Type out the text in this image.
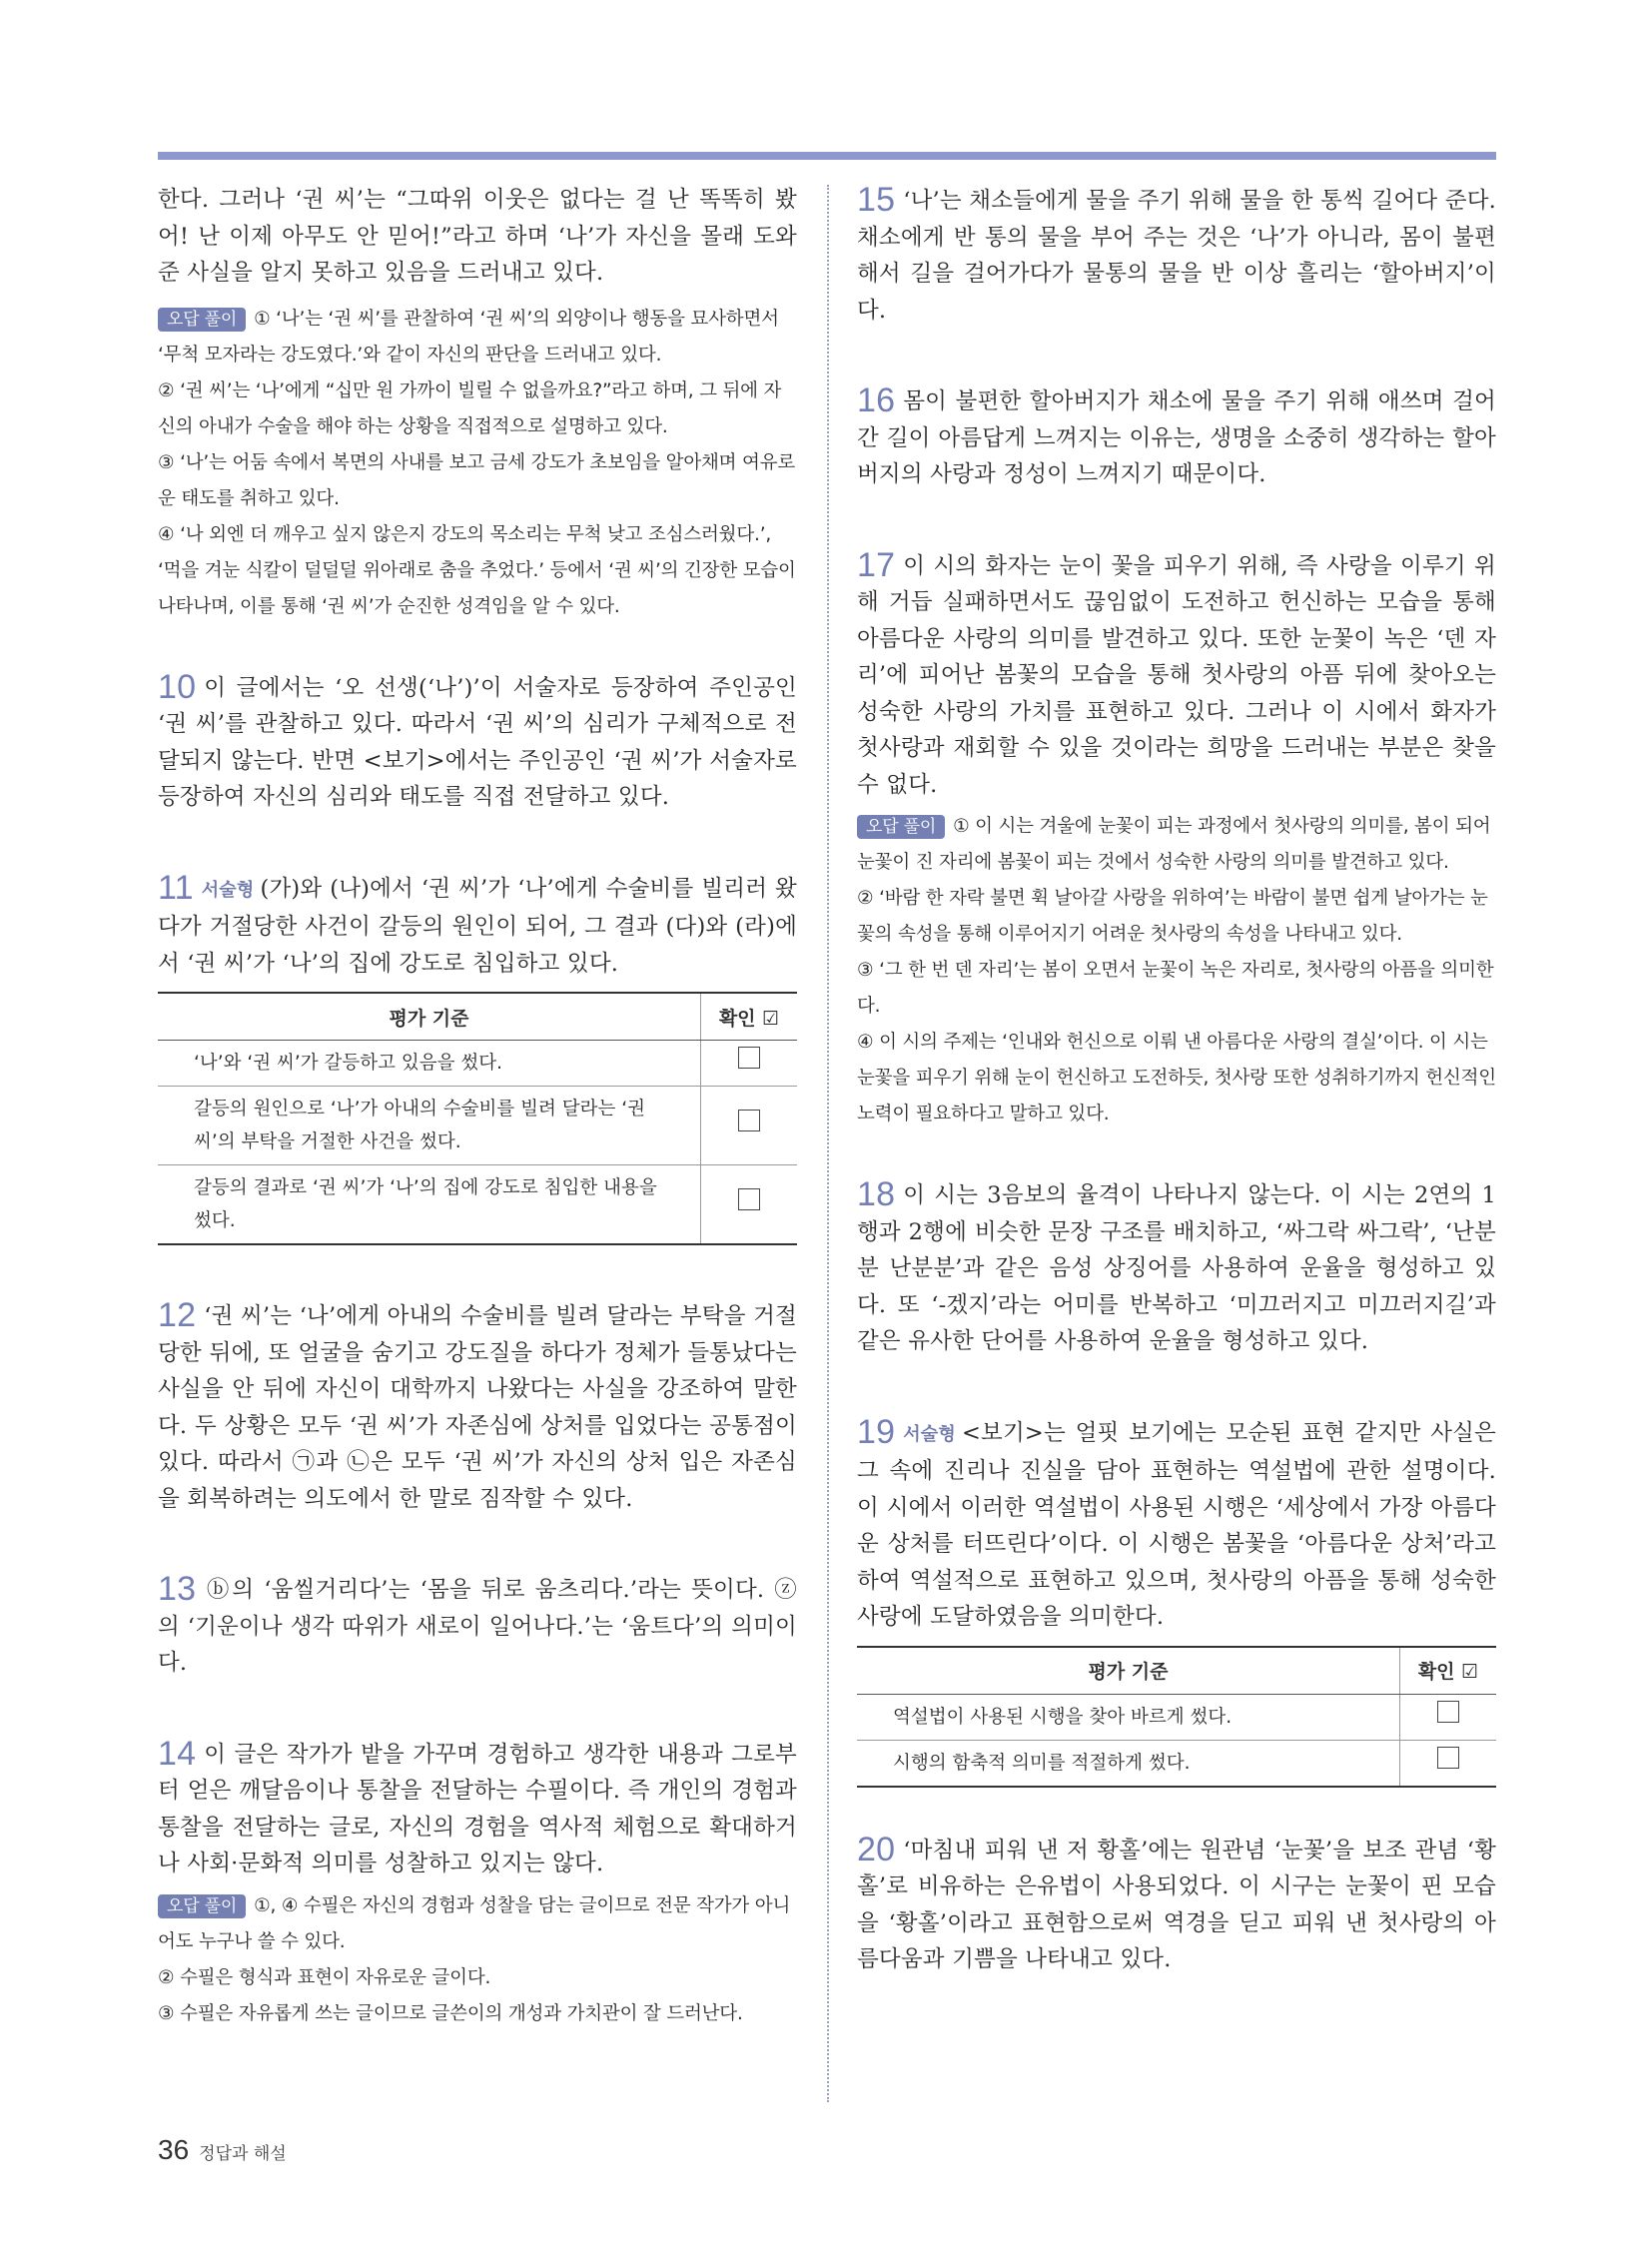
한다. 그러나 ‘권 씨’는 “그따위 이웃은 없다는 걸 난 똑똑히 봤어! 난 이제 아무도 안 믿어!”라고 하며 ‘나’가 자신을 몰래 도와준 사실을 알지 못하고 있음을 드러내고 있다.

오답 풀이 ① ‘나’는 ‘권 씨’를 관찰하여 ‘권 씨’의 외양이나 행동을 묘사하면서 ‘무척 모자라는 강도였다.’와 같이 자신의 판단을 드러내고 있다.

② ‘권 씨’는 ‘나’에게 “십만 원 가까이 빌릴 수 없을까요?”라고 하며, 그 뒤에 자신의 아내가 수술을 해야 하는 상황을 직접적으로 설명하고 있다.

③ ‘나’는 어둠 속에서 복면의 사내를 보고 금세 강도가 초보임을 알아채며 여유로운 태도를 취하고 있다.

④ ‘나 외엔 더 깨우고 싶지 않은지 강도의 목소리는 무척 낮고 조심스러웠다.’, ‘먹을 겨눈 식칼이 덜덜덜 위아래로 춤을 추었다.’ 등에서 ‘권 씨’의 긴장한 모습이 나타나며, 이를 통해 ‘권 씨’가 순진한 성격임을 알 수 있다.

10 이 글에서는 ‘오 선생(‘나’)’이 서술자로 등장하여 주인공인 ‘권 씨’를 관찰하고 있다. 따라서 ‘권 씨’의 심리가 구체적으로 전달되지 않는다. 반면 <보기>에서는 주인공인 ‘권 씨’가 서술자로 등장하여 자신의 심리와 태도를 직접 전달하고 있다.

11 서술형 (가)와 (나)에서 ‘권 씨’가 ‘나’에게 수술비를 빌리러 왔다가 거절당한 사건이 갈등의 원인이 되어, 그 결과 (다)와 (라)에서 ‘권 씨’가 ‘나’의 집에 강도로 침입하고 있다.

평가 기준	확인 ☑
‘나’와 ‘권 씨’가 갈등하고 있음을 썼다.	
갈등의 원인으로 ‘나’가 아내의 수술비를 빌려 달라는 ‘권 씨’의 부탁을 거절한 사건을 썼다.	
갈등의 결과로 ‘권 씨’가 ‘나’의 집에 강도로 침입한 내용을 썼다.	

12 ‘권 씨’는 ‘나’에게 아내의 수술비를 빌려 달라는 부탁을 거절당한 뒤에, 또 얼굴을 숨기고 강도질을 하다가 정체가 들통났다는 사실을 안 뒤에 자신이 대학까지 나왔다는 사실을 강조하여 말한다. 두 상황은 모두 ‘권 씨’가 자존심에 상처를 입었다는 공통점이 있다. 따라서 ㉠과 ㉡은 모두 ‘권 씨’가 자신의 상처 입은 자존심을 회복하려는 의도에서 한 말로 짐작할 수 있다.

13 ⓑ의 ‘움씰거리다’는 ‘몸을 뒤로 움츠리다.’라는 뜻이다. ⓩ의 ‘기운이나 생각 따위가 새로이 일어나다.’는 ‘움트다’의 의미이다.

14 이 글은 작가가 밭을 가꾸며 경험하고 생각한 내용과 그로부터 얻은 깨달음이나 통찰을 전달하는 수필이다. 즉 개인의 경험과 통찰을 전달하는 글로, 자신의 경험을 역사적 체험으로 확대하거나 사회·문화적 의미를 성찰하고 있지는 않다.

오답 풀이 ①, ④ 수필은 자신의 경험과 성찰을 담는 글이므로 전문 작가가 아니어도 누구나 쓸 수 있다.

② 수필은 형식과 표현이 자유로운 글이다.

③ 수필은 자유롭게 쓰는 글이므로 글쓴이의 개성과 가치관이 잘 드러난다.

15 ‘나’는 채소들에게 물을 주기 위해 물을 한 통씩 길어다 준다. 채소에게 반 통의 물을 부어 주는 것은 ‘나’가 아니라, 몸이 불편해서 길을 걸어가다가 물통의 물을 반 이상 흘리는 ‘할아버지’이다.

16 몸이 불편한 할아버지가 채소에 물을 주기 위해 애쓰며 걸어간 길이 아름답게 느껴지는 이유는, 생명을 소중히 생각하는 할아버지의 사랑과 정성이 느껴지기 때문이다.

17 이 시의 화자는 눈이 꽃을 피우기 위해, 즉 사랑을 이루기 위해 거듭 실패하면서도 끊임없이 도전하고 헌신하는 모습을 통해 아름다운 사랑의 의미를 발견하고 있다. 또한 눈꽃이 녹은 ‘덴 자리’에 피어난 봄꽃의 모습을 통해 첫사랑의 아픔 뒤에 찾아오는 성숙한 사랑의 가치를 표현하고 있다. 그러나 이 시에서 화자가 첫사랑과 재회할 수 있을 것이라는 희망을 드러내는 부분은 찾을 수 없다.

오답 풀이 ① 이 시는 겨울에 눈꽃이 피는 과정에서 첫사랑의 의미를, 봄이 되어 눈꽃이 진 자리에 봄꽃이 피는 것에서 성숙한 사랑의 의미를 발견하고 있다.

② ‘바람 한 자락 불면 휙 날아갈 사랑을 위하여’는 바람이 불면 쉽게 날아가는 눈꽃의 속성을 통해 이루어지기 어려운 첫사랑의 속성을 나타내고 있다.

③ ‘그 한 번 덴 자리’는 봄이 오면서 눈꽃이 녹은 자리로, 첫사랑의 아픔을 의미한다.

④ 이 시의 주제는 ‘인내와 헌신으로 이뤄 낸 아름다운 사랑의 결실’이다. 이 시는 눈꽃을 피우기 위해 눈이 헌신하고 도전하듯, 첫사랑 또한 성취하기까지 헌신적인 노력이 필요하다고 말하고 있다.

18 이 시는 3음보의 율격이 나타나지 않는다. 이 시는 2연의 1행과 2행에 비슷한 문장 구조를 배치하고, ‘싸그락 싸그락’, ‘난분분 난분분’과 같은 음성 상징어를 사용하여 운율을 형성하고 있다. 또 ‘-겠지’라는 어미를 반복하고 ‘미끄러지고 미끄러지길’과 같은 유사한 단어를 사용하여 운율을 형성하고 있다.

19 서술형 <보기>는 얼핏 보기에는 모순된 표현 같지만 사실은 그 속에 진리나 진실을 담아 표현하는 역설법에 관한 설명이다. 이 시에서 이러한 역설법이 사용된 시행은 ‘세상에서 가장 아름다운 상처를 터뜨린다’이다. 이 시행은 봄꽃을 ‘아름다운 상처’라고 하여 역설적으로 표현하고 있으며, 첫사랑의 아픔을 통해 성숙한 사랑에 도달하였음을 의미한다.

평가 기준	확인 ☑
역설법이 사용된 시행을 찾아 바르게 썼다.	
시행의 함축적 의미를 적절하게 썼다.	

20 ‘마침내 피워 낸 저 황홀’에는 원관념 ‘눈꽃’을 보조 관념 ‘황홀’로 비유하는 은유법이 사용되었다. 이 시구는 눈꽃이 핀 모습을 ‘황홀’이라고 표현함으로써 역경을 딛고 피워 낸 첫사랑의 아름다움과 기쁨을 나타내고 있다.

36 정답과 해설
